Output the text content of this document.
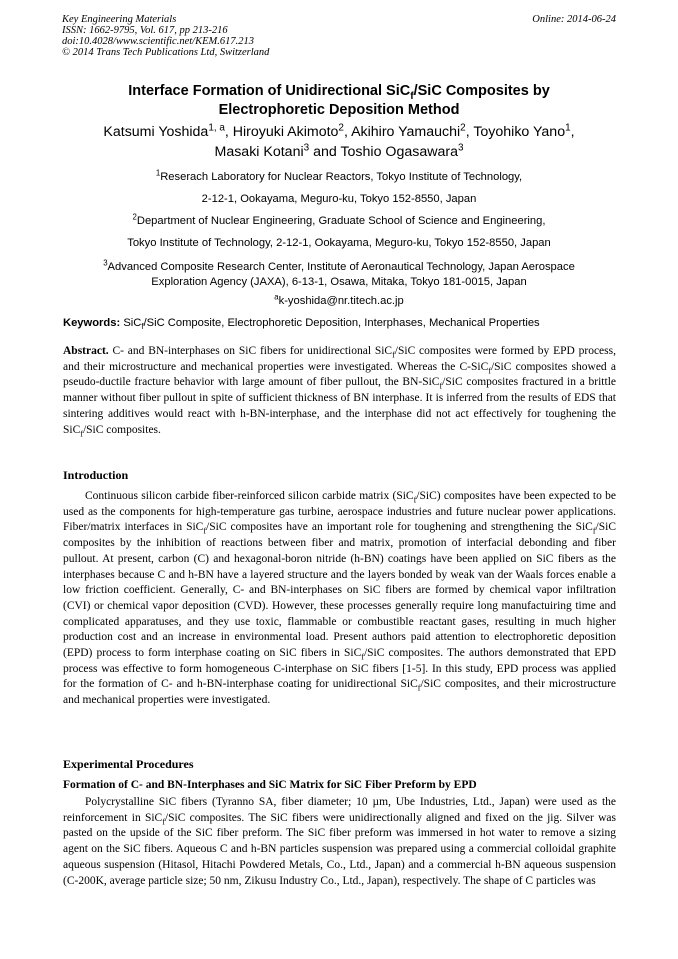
Key Engineering Materials
ISSN: 1662-9795, Vol. 617, pp 213-216
doi:10.4028/www.scientific.net/KEM.617.213
© 2014 Trans Tech Publications Ltd, Switzerland
Online: 2014-06-24
Interface Formation of Unidirectional SiC$_f$/SiC Composites by
Electrophoretic Deposition Method
Katsumi Yoshida$^{1, a}$, Hiroyuki Akimoto$^2$, Akihiro Yamauchi$^2$, Toyohiko Yano$^1$,
Masaki Kotani$^3$ and Toshio Ogasawara$^3$

$^1$Reserach Laboratory for Nuclear Reactors, Tokyo Institute of Technology,

2-12-1, Ookayama, Meguro-ku, Tokyo 152-8550, Japan

$^2$Department of Nuclear Engineering, Graduate School of Science and Engineering,

Tokyo Institute of Technology, 2-12-1, Ookayama, Meguro-ku, Tokyo 152-8550, Japan

$^3$Advanced Composite Research Center, Institute of Aeronautical Technology, Japan Aerospace
Exploration Agency (JAXA), 6-13-1, Osawa, Mitaka, Tokyo 181-0015, Japan

$^a$k-yoshida@nr.titech.ac.jp

Keywords: SiC$_f$/SiC Composite, Electrophoretic Deposition, Interphases, Mechanical Properties

Abstract. C- and BN-interphases on SiC fibers for unidirectional SiC$_f$/SiC composites were formed by EPD process, and their microstructure and mechanical properties were investigated. Whereas the C-SiC$_f$/SiC composites showed a pseudo-ductile fracture behavior with large amount of fiber pullout, the BN-SiC$_f$/SiC composites fractured in a brittle manner without fiber pullout in spite of sufficient thickness of BN interphase. It is inferred from the results of EDS that sintering additives would react with h-BN-interphase, and the interphase did not act effectively for toughening the SiC$_f$/SiC composites.

Introduction

Continuous silicon carbide fiber-reinforced silicon carbide matrix (SiC$_f$/SiC) composites have been expected to be used as the components for high-temperature gas turbine, aerospace industries and future nuclear power applications. Fiber/matrix interfaces in SiC$_f$/SiC composites have an important role for toughening and strengthening the SiC$_f$/SiC composites by the inhibition of reactions between fiber and matrix, promotion of interfacial debonding and fiber pullout. At present, carbon (C) and hexagonal-boron nitride (h-BN) coatings have been applied on SiC fibers as the interphases because C and h-BN have a layered structure and the layers bonded by weak van der Waals forces enable a low friction coefficient. Generally, C- and BN-interphases on SiC fibers are formed by chemical vapor infiltration (CVI) or chemical vapor deposition (CVD). However, these processes generally require long manufactuiring time and complicated apparatuses, and they use toxic, flammable or combustible reactant gases, resulting in much higher production cost and an increase in environmental load. Present authors paid attention to electrophoretic deposition (EPD) process to form interphase coating on SiC fibers in SiC$_f$/SiC composites. The authors demonstrated that EPD process was effective to form homogeneous C-interphase on SiC fibers [1-5]. In this study, EPD process was applied for the formation of C- and h-BN-interphase coating for unidirectional SiC$_f$/SiC composites, and their microstructure and mechanical properties were investigated.

Experimental Procedures
Formation of C- and BN-Interphases and SiC Matrix for SiC Fiber Preform by EPD

Polycrystalline SiC fibers (Tyranno SA, fiber diameter; 10 µm, Ube Industries, Ltd., Japan) were used as the reinforcement in SiC$_f$/SiC composites. The SiC fibers were unidirectionally aligned and fixed on the jig. Silver was pasted on the upside of the SiC fiber preform. The SiC fiber preform was immersed in hot water to remove a sizing agent on the SiC fibers. Aqueous C and h-BN particles suspension was prepared using a commercial colloidal graphite aqueous suspension (Hitasol, Hitachi Powdered Metals, Co., Ltd., Japan) and a commercial h-BN aqueous suspension (C-200K, average particle size; 50 nm, Zikusu Industry Co., Ltd., Japan), respectively. The shape of C particles was
